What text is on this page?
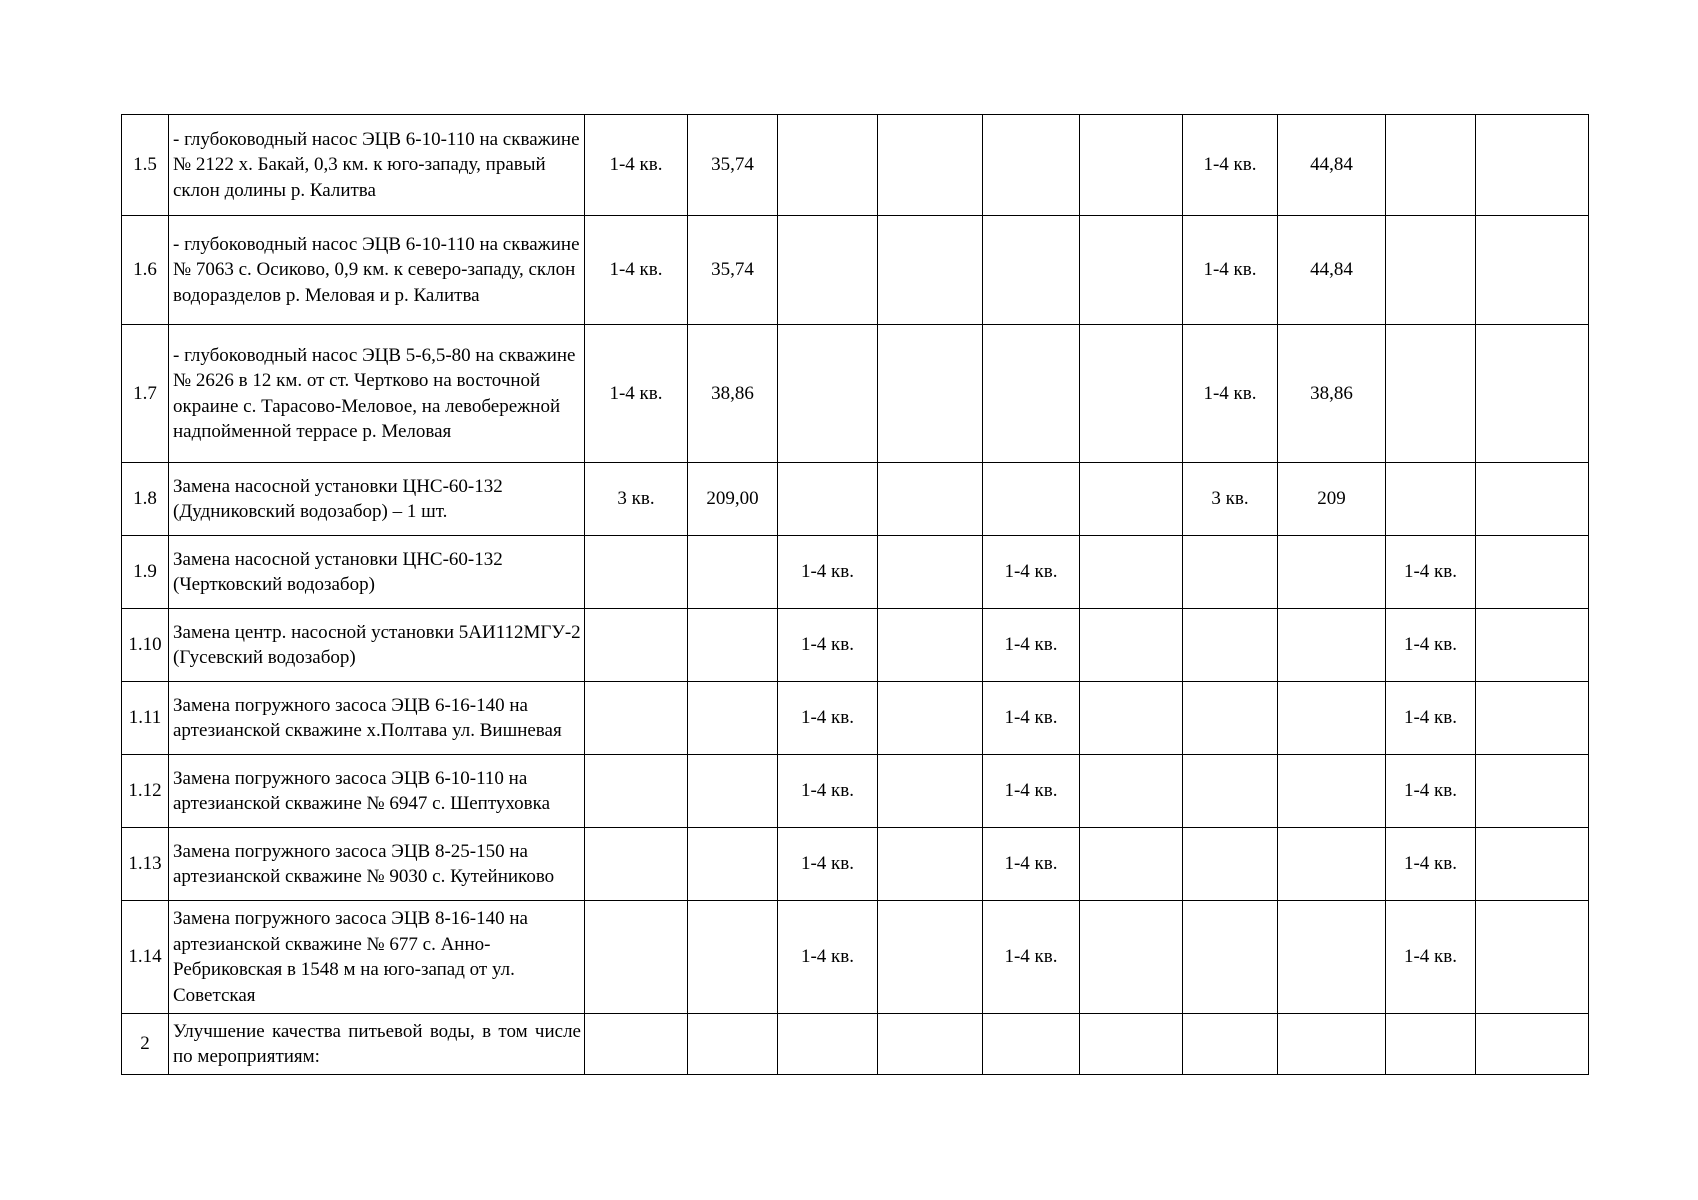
1.5	- глубоководный насос ЭЦВ 6-10-110 на скважине № 2122 х. Бакай, 0,3 км. к юго-западу, правый склон долины р. Калитва	1-4 кв.	35,74					1-4 кв.	44,84		
1.6	- глубоководный насос ЭЦВ 6-10-110 на скважине № 7063 с. Осиково, 0,9 км. к северо-западу, склон водоразделов р. Меловая и р. Калитва	1-4 кв.	35,74					1-4 кв.	44,84		
1.7	- глубоководный насос ЭЦВ 5-6,5-80 на скважине № 2626 в 12 км. от ст. Чертково на восточной окраине с. Тарасово-Меловое, на левобережной надпойменной террасе р. Меловая	1-4 кв.	38,86					1-4 кв.	38,86		
1.8	Замена насосной установки ЦНС-60-132 (Дудниковский водозабор) – 1 шт.	3 кв.	209,00					3 кв.	209		
1.9	Замена насосной установки ЦНС-60-132 (Чертковский водозабор)			1-4 кв.		1-4 кв.				1-4 кв.	
1.10	Замена центр. насосной установки 5АИ112МГУ-2 (Гусевский водозабор)			1-4 кв.		1-4 кв.				1-4 кв.	
1.11	Замена погружного засоса ЭЦВ 6-16-140 на артезианской скважине х.Полтава ул. Вишневая			1-4 кв.		1-4 кв.				1-4 кв.	
1.12	Замена погружного засоса ЭЦВ 6-10-110 на артезианской скважине № 6947 с. Шептуховка			1-4 кв.		1-4 кв.				1-4 кв.	
1.13	Замена погружного засоса ЭЦВ 8-25-150 на артезианской скважине № 9030 с. Кутейниково			1-4 кв.		1-4 кв.				1-4 кв.	
1.14	Замена погружного засоса ЭЦВ 8-16-140 на артезианской скважине № 677 с. Анно-Ребриковская в 1548 м на юго-запад от ул. Советская			1-4 кв.		1-4 кв.				1-4 кв.	
2	Улучшение качества питьевой воды, в том числе по мероприятиям:										
